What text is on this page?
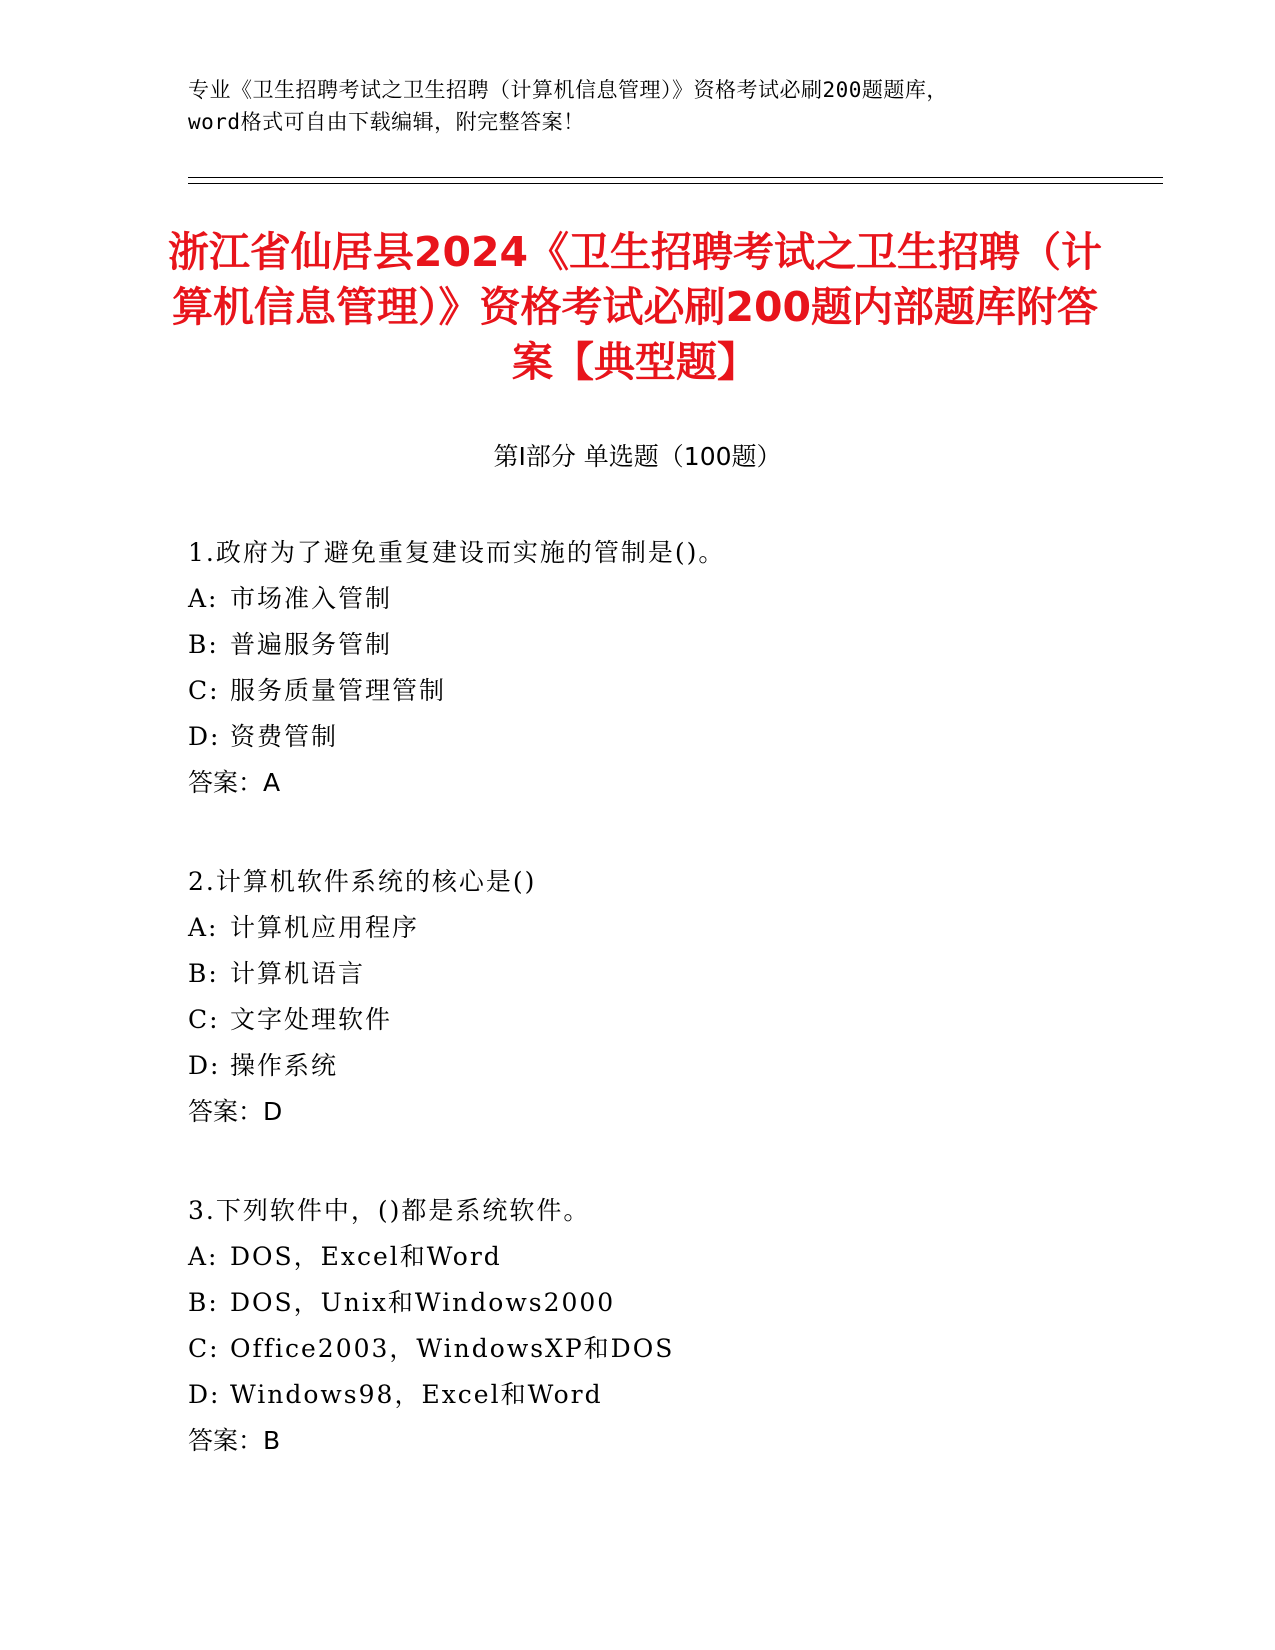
专业《卫生招聘考试之卫生招聘（计算机信息管理）》资格考试必刷200题题库，
word格式可自由下载编辑，附完整答案！
浙江省仙居县2024《卫生招聘考试之卫生招聘（计算机信息管理）》资格考试必刷200题内部题库附答案【典型题】
第Ⅰ部分 单选题（100题）
1.政府为了避免重复建设而实施的管制是()。
A: 市场准入管制
B: 普遍服务管制
C: 服务质量管理管制
D: 资费管制
答案：A
2.计算机软件系统的核心是()
A: 计算机应用程序
B: 计算机语言
C: 文字处理软件
D: 操作系统
答案：D
3.下列软件中，()都是系统软件。
A: DOS，Excel和Word
B: DOS，Unix和Windows2000
C: Office2003，WindowsXP和DOS
D: Windows98，Excel和Word
答案：B
